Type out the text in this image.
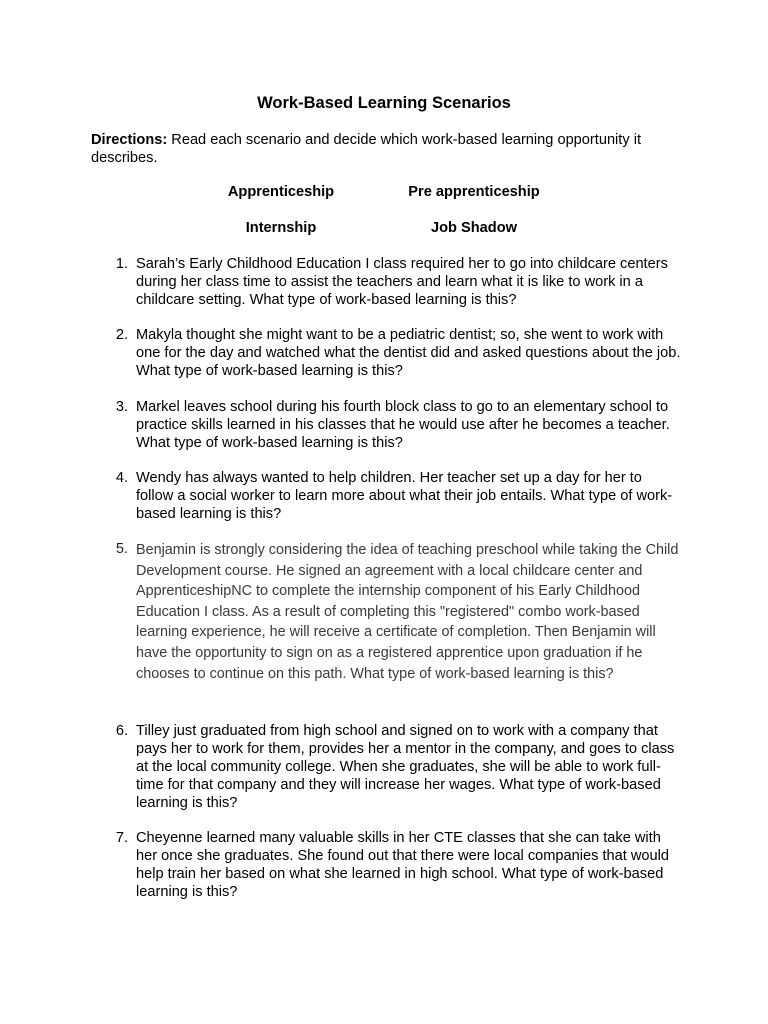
Work-Based Learning Scenarios

Directions: Read each scenario and decide which work-based learning opportunity it describes.

Apprenticeship	Pre apprenticeship
Internship	Job Shadow
1. Sarah’s Early Childhood Education I class required her to go into childcare centers during her class time to assist the teachers and learn what it is like to work in a childcare setting. What type of work-based learning is this?
2. Makyla thought she might want to be a pediatric dentist; so, she went to work with one for the day and watched what the dentist did and asked questions about the job. What type of work-based learning is this?
3. Markel leaves school during his fourth block class to go to an elementary school to practice skills learned in his classes that he would use after he becomes a teacher. What type of work-based learning is this?
4. Wendy has always wanted to help children. Her teacher set up a day for her to follow a social worker to learn more about what their job entails. What type of work-based learning is this?
5. Benjamin is strongly considering the idea of teaching preschool while taking the Child Development course. He signed an agreement with a local childcare center and ApprenticeshipNC to complete the internship component of his Early Childhood Education I class. As a result of completing this "registered" combo work-based learning experience, he will receive a certificate of completion. Then Benjamin will have the opportunity to sign on as a registered apprentice upon graduation if he chooses to continue on this path. What type of work-based learning is this?
6. Tilley just graduated from high school and signed on to work with a company that pays her to work for them, provides her a mentor in the company, and goes to class at the local community college. When she graduates, she will be able to work full-time for that company and they will increase her wages. What type of work-based learning is this?
7. Cheyenne learned many valuable skills in her CTE classes that she can take with her once she graduates. She found out that there were local companies that would help train her based on what she learned in high school. What type of work-based learning is this?
